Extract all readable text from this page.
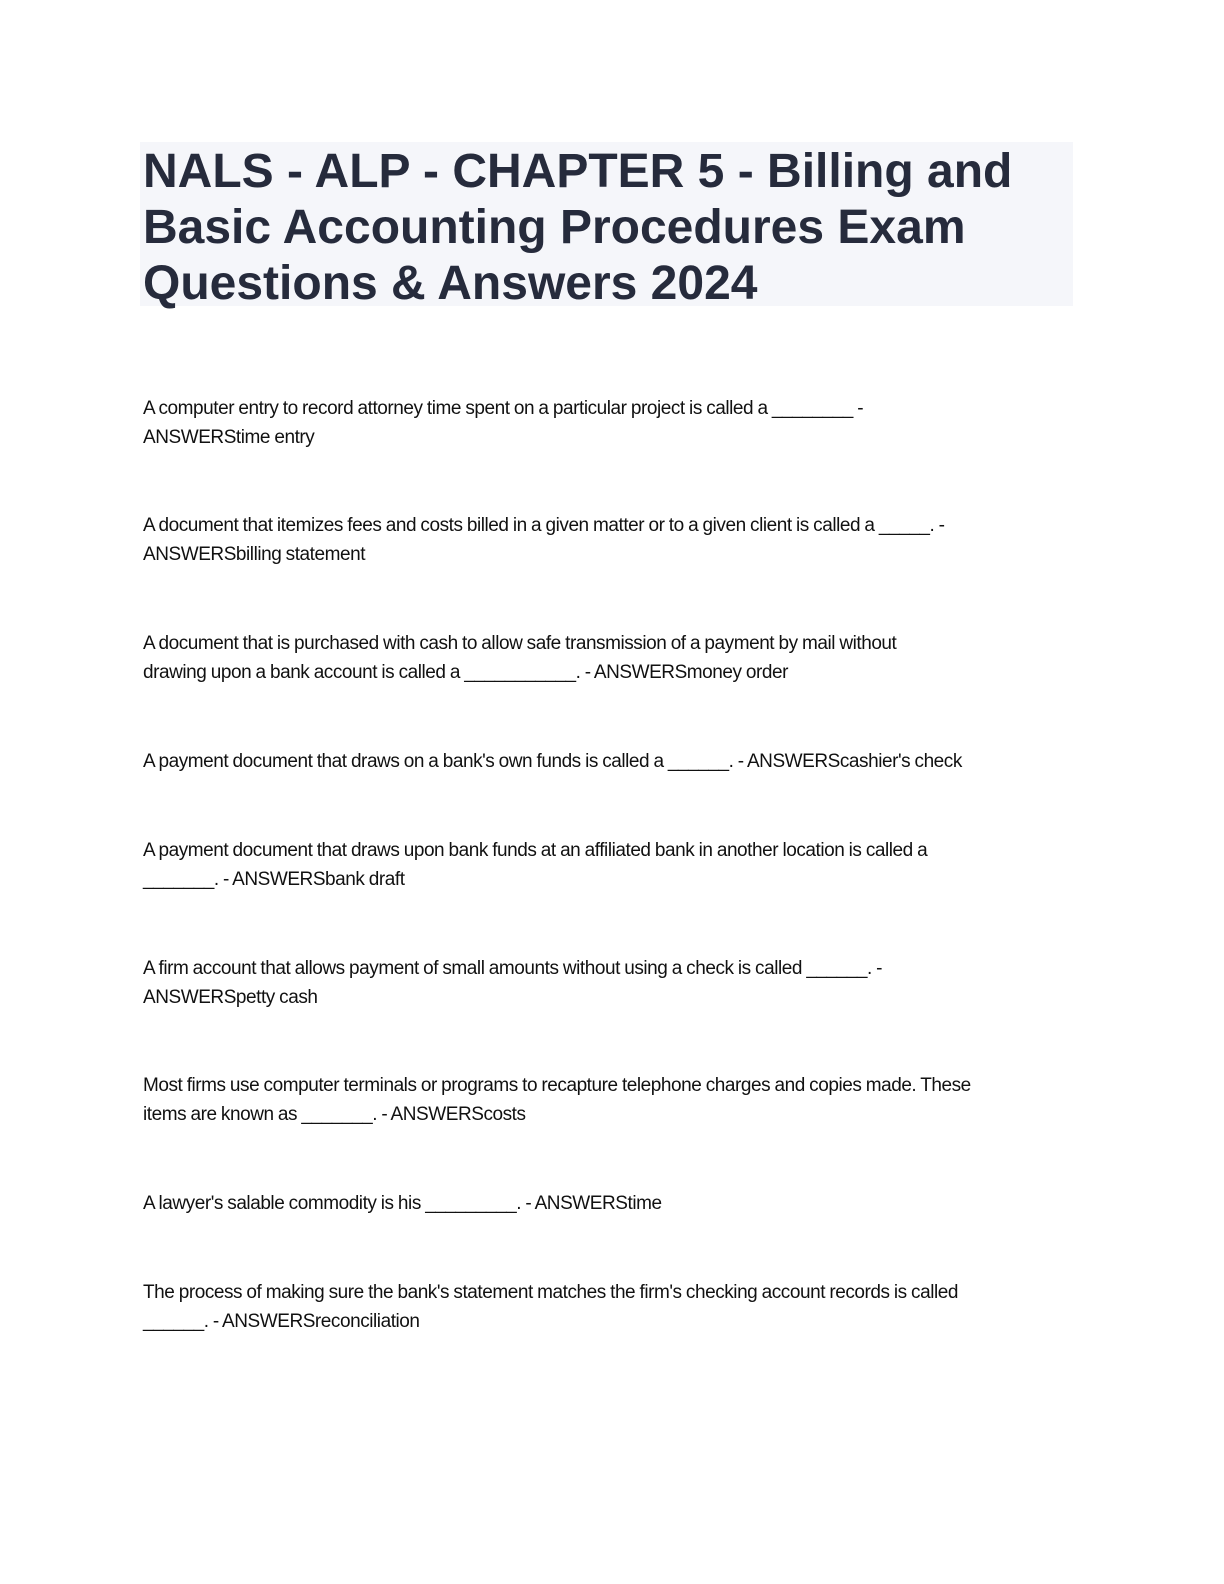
NALS - ALP - CHAPTER 5 - Billing and
Basic Accounting Procedures Exam
Questions & Answers 2024

A computer entry to record attorney time spent on a particular project is called a ________ -
ANSWERStime entry

A document that itemizes fees and costs billed in a given matter or to a given client is called a _____. -
ANSWERSbilling statement

A document that is purchased with cash to allow safe transmission of a payment by mail without
drawing upon a bank account is called a ___________. - ANSWERSmoney order

A payment document that draws on a bank's own funds is called a ______. - ANSWERScashier's check

A payment document that draws upon bank funds at an affiliated bank in another location is called a
_______. - ANSWERSbank draft

A firm account that allows payment of small amounts without using a check is called ______. -
ANSWERSpetty cash

Most firms use computer terminals or programs to recapture telephone charges and copies made. These
items are known as _______. - ANSWERScosts

A lawyer's salable commodity is his _________. - ANSWERStime

The process of making sure the bank's statement matches the firm's checking account records is called
______. - ANSWERSreconciliation
